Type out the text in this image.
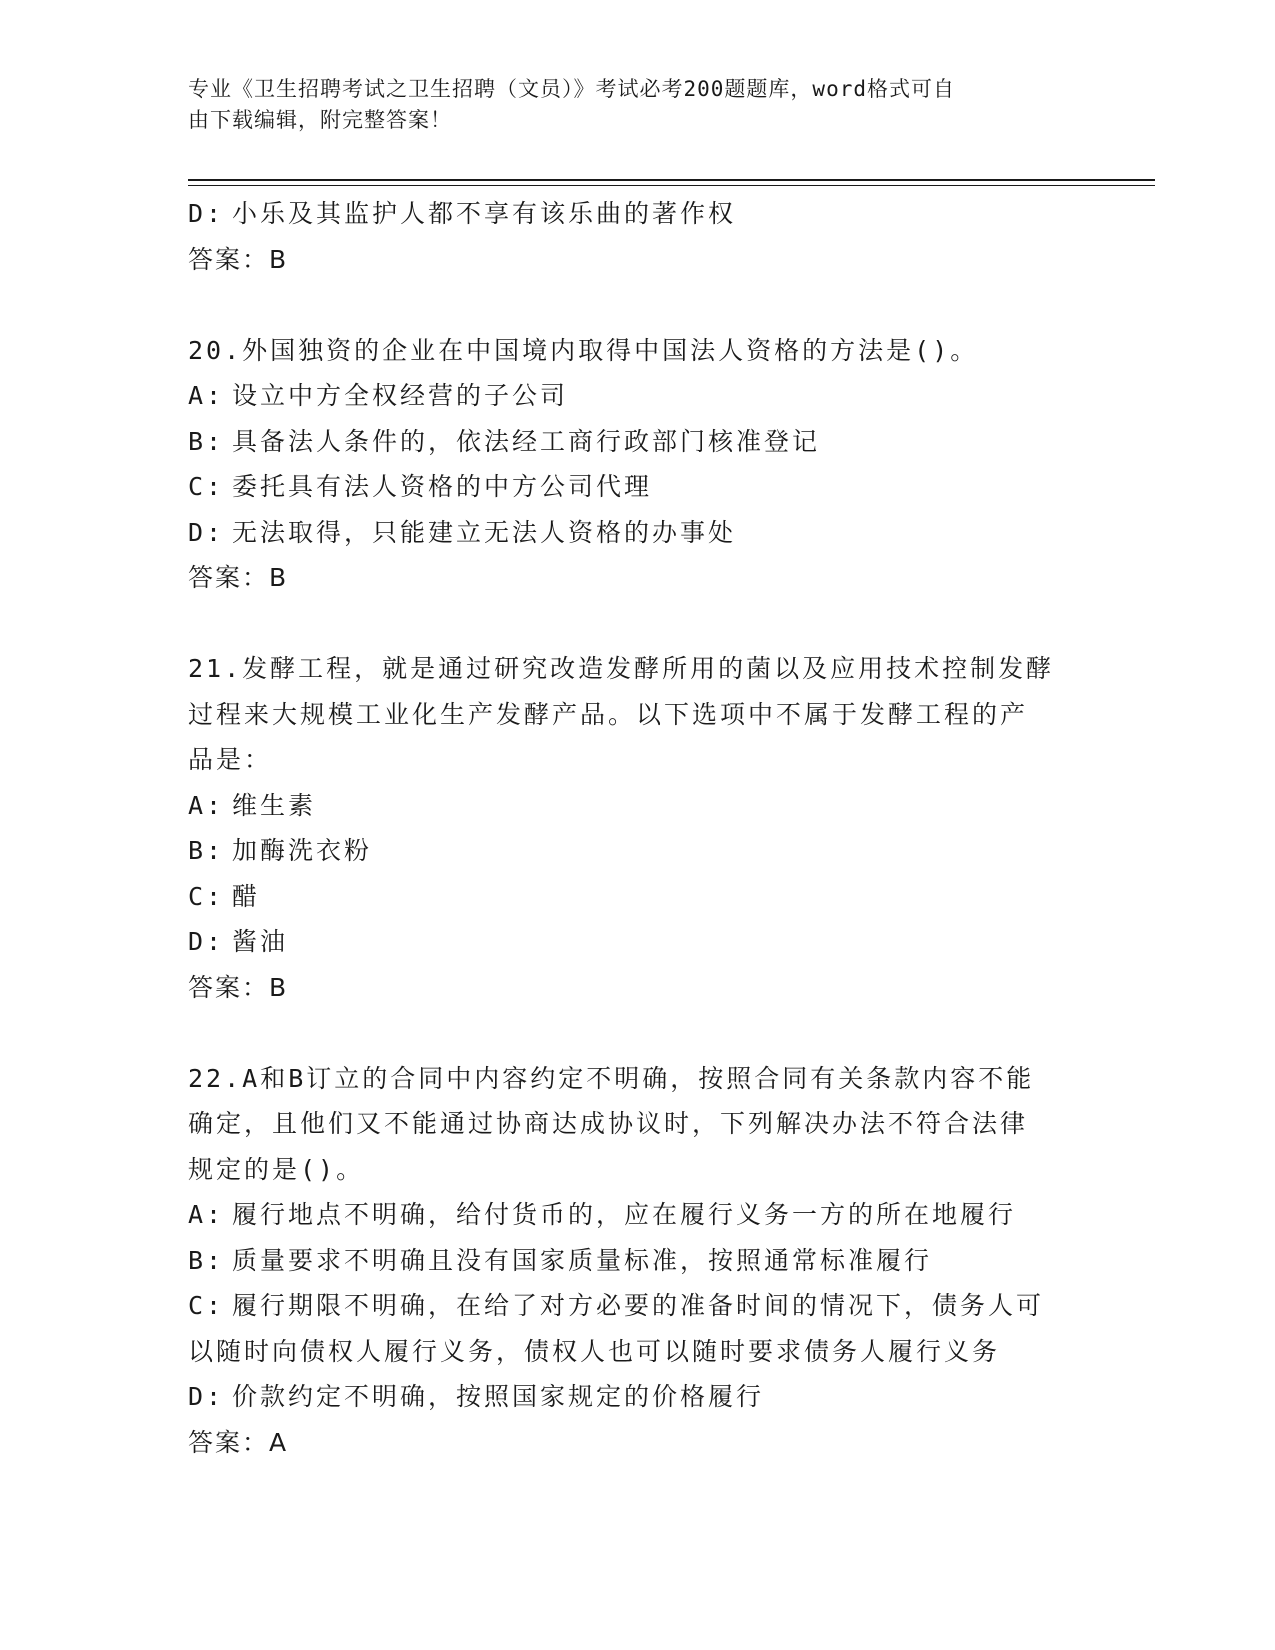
专业《卫生招聘考试之卫生招聘（文员）》考试必考200题题库，word格式可自
由下载编辑，附完整答案！
D: 小乐及其监护人都不享有该乐曲的著作权
答案：B
20.外国独资的企业在中国境内取得中国法人资格的方法是()。
A: 设立中方全权经营的子公司
B: 具备法人条件的，依法经工商行政部门核准登记
C: 委托具有法人资格的中方公司代理
D: 无法取得，只能建立无法人资格的办事处
答案：B
21.发酵工程，就是通过研究改造发酵所用的菌以及应用技术控制发酵
过程来大规模工业化生产发酵产品。以下选项中不属于发酵工程的产
品是：
A: 维生素
B: 加酶洗衣粉
C: 醋
D: 酱油
答案：B
22.A和B订立的合同中内容约定不明确，按照合同有关条款内容不能
确定，且他们又不能通过协商达成协议时，下列解决办法不符合法律
规定的是()。
A: 履行地点不明确，给付货币的，应在履行义务一方的所在地履行
B: 质量要求不明确且没有国家质量标准，按照通常标准履行
C: 履行期限不明确，在给了对方必要的准备时间的情况下，债务人可
以随时向债权人履行义务，债权人也可以随时要求债务人履行义务
D: 价款约定不明确，按照国家规定的价格履行
答案：A
